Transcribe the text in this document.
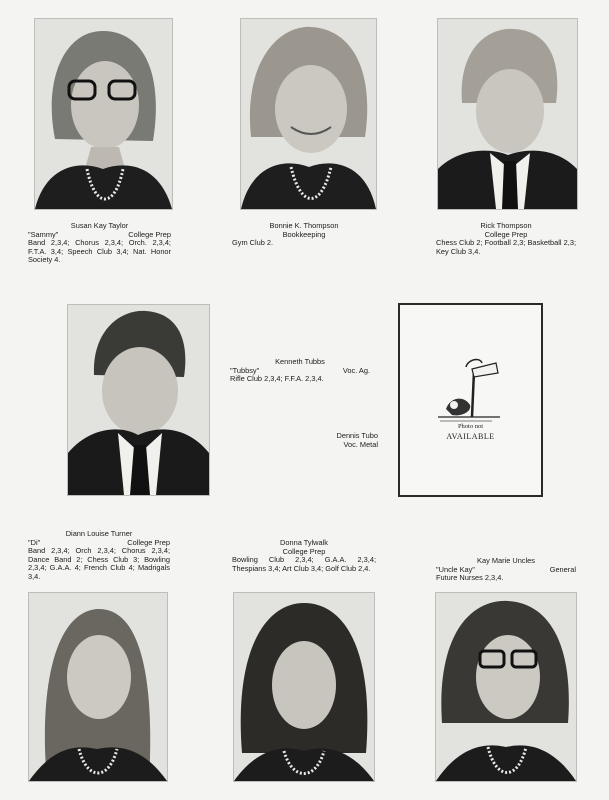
Susan Kay Taylor
"Sammy"	College Prep
Band 2,3,4; Chorus 2,3,4; Orch. 2,3,4; F.T.A. 3,4; Speech Club 3,4; Nat. Honor Society 4.
Bonnie K. Thompson
Bookkeeping
Gym Club 2.
Rick Thompson
College Prep
Chess Club 2; Football 2,3; Basketball 2,3; Key Club 3,4.
Kenneth Tubbs
"Tubbsy"	Voc. Ag.
Rifle Club 2,3,4; F.F.A. 2,3,4.
Dennis Tubo
Voc. Metal
Photo not
AVAILABLE
Diann Louise Turner
"Di"	College Prep
Band 2,3,4; Orch 2,3,4; Chorus 2,3,4; Dance Band 2; Chess Club 3; Bowling 2,3,4; G.A.A. 4; French Club 4; Madrigals 3,4.
Donna Tylwalk
College Prep
Bowling Club 2,3,4; G.A.A. 2,3,4; Thespians 3,4; Art Club 3,4; Golf Club 2,4.
Kay Marie Uncles
"Uncle Kay"	General
Future Nurses 2,3,4.
